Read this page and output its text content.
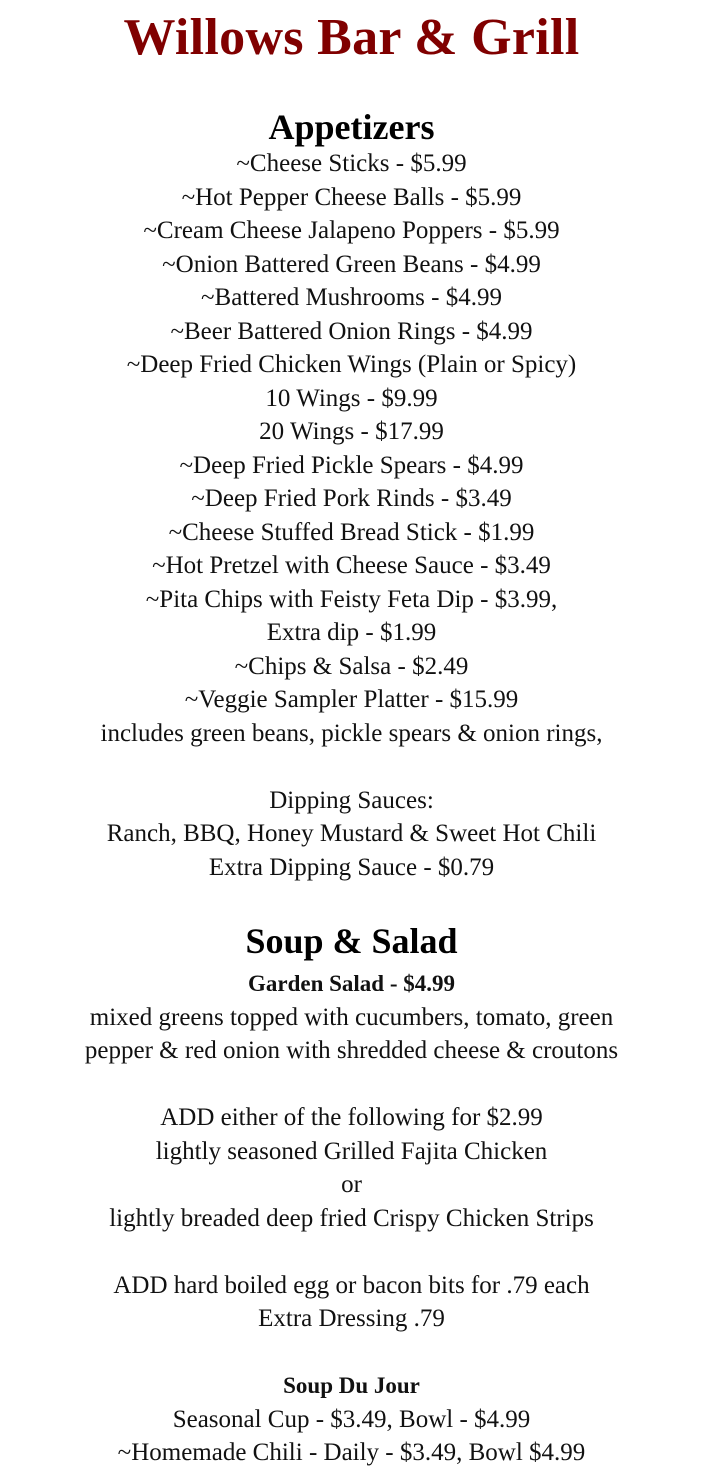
Willows Bar & Grill
Appetizers
~Cheese Sticks - $5.99
~Hot Pepper Cheese Balls - $5.99
~Cream Cheese Jalapeno Poppers - $5.99
~Onion Battered Green Beans - $4.99
~Battered Mushrooms - $4.99
~Beer Battered Onion Rings - $4.99
~Deep Fried Chicken Wings (Plain or Spicy)
10 Wings - $9.99
20 Wings - $17.99
~Deep Fried Pickle Spears - $4.99
~Deep Fried Pork Rinds - $3.49
~Cheese Stuffed Bread Stick - $1.99
~Hot Pretzel with Cheese Sauce - $3.49
~Pita Chips with Feisty Feta Dip - $3.99,
Extra dip - $1.99
~Chips & Salsa - $2.49
~Veggie Sampler Platter - $15.99
includes green beans, pickle spears & onion rings,
Dipping Sauces:
Ranch, BBQ, Honey Mustard & Sweet Hot Chili
Extra Dipping Sauce - $0.79
Soup & Salad
Garden Salad - $4.99
mixed greens topped with cucumbers, tomato, green
pepper & red onion with shredded cheese & croutons
ADD either of the following for $2.99
lightly seasoned Grilled Fajita Chicken
or
lightly breaded deep fried Crispy Chicken Strips
ADD hard boiled egg or bacon bits for .79 each
Extra Dressing .79
Soup Du Jour
Seasonal Cup - $3.49, Bowl - $4.99
~Homemade Chili - Daily - $3.49, Bowl $4.99
